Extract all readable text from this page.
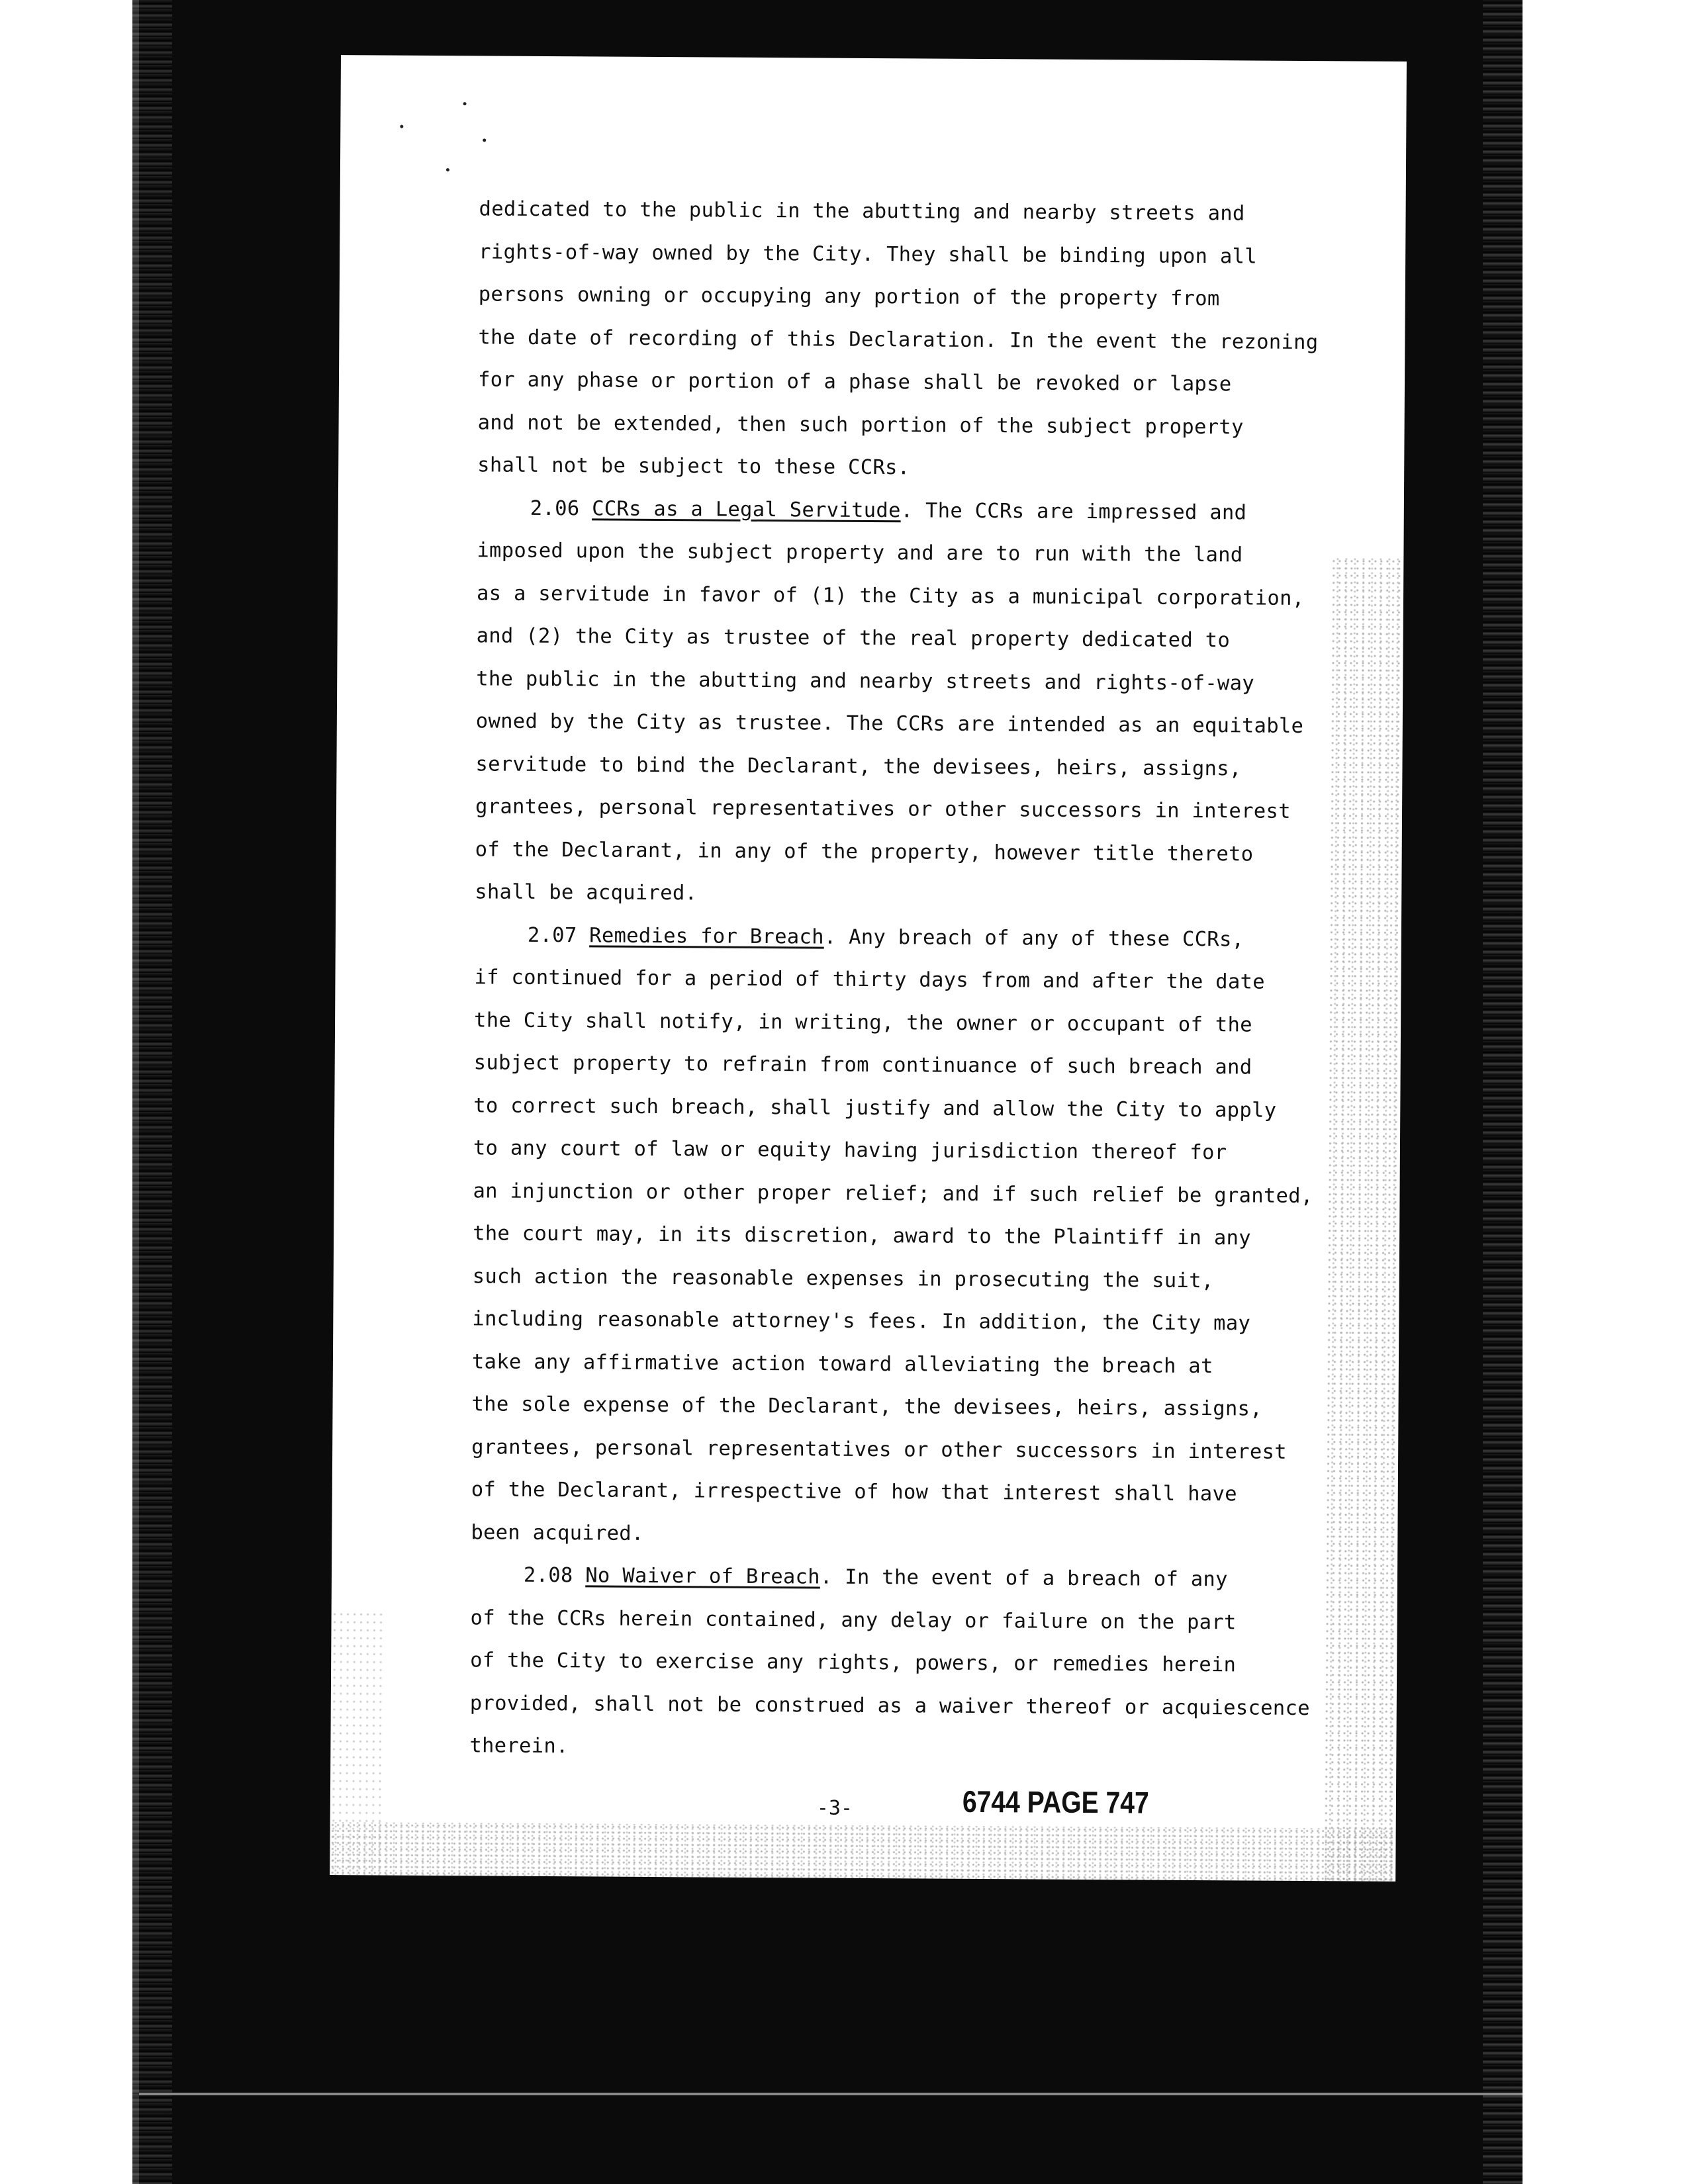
dedicated to the public in the abutting and nearby streets and
rights-of-way owned by the City. They shall be binding upon all
persons owning or occupying any portion of the property from
the date of recording of this Declaration. In the event the rezoning
for any phase or portion of a phase shall be revoked or lapse
and not be extended, then such portion of the subject property
shall not be subject to these CCRs.
2.06 CCRs as a Legal Servitude. The CCRs are impressed and
imposed upon the subject property and are to run with the land
as a servitude in favor of (1) the City as a municipal corporation,
and (2) the City as trustee of the real property dedicated to
the public in the abutting and nearby streets and rights-of-way
owned by the City as trustee. The CCRs are intended as an equitable
servitude to bind the Declarant, the devisees, heirs, assigns,
grantees, personal representatives or other successors in interest
of the Declarant, in any of the property, however title thereto
shall be acquired.
2.07 Remedies for Breach. Any breach of any of these CCRs,
if continued for a period of thirty days from and after the date
the City shall notify, in writing, the owner or occupant of the
subject property to refrain from continuance of such breach and
to correct such breach, shall justify and allow the City to apply
to any court of law or equity having jurisdiction thereof for
an injunction or other proper relief; and if such relief be granted,
the court may, in its discretion, award to the Plaintiff in any
such action the reasonable expenses in prosecuting the suit,
including reasonable attorney's fees. In addition, the City may
take any affirmative action toward alleviating the breach at
the sole expense of the Declarant, the devisees, heirs, assigns,
grantees, personal representatives or other successors in interest
of the Declarant, irrespective of how that interest shall have
been acquired.
2.08 No Waiver of Breach. In the event of a breach of any
of the CCRs herein contained, any delay or failure on the part
of the City to exercise any rights, powers, or remedies herein
provided, shall not be construed as a waiver thereof or acquiescence
therein.
-3-	6744 PAGE 747
